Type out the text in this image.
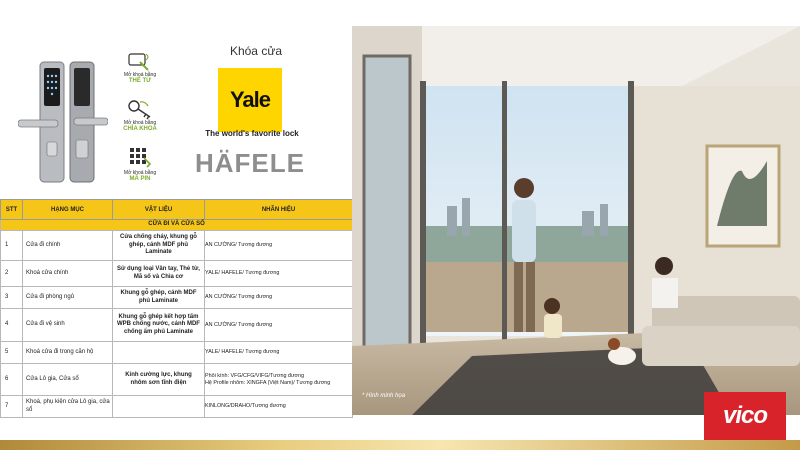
Mở khoá bằng
THẺ TỪ
Mở khoá bằng
CHÌA KHOÁ
Mở khoá bằng
MÃ PIN
Khóa cửa
Yale
The world's favorite lock
HÄFELE
STT	HẠNG MỤC	VẬT LIỆU	NHÃN HIỆU
CỬA ĐI VÀ CỬA SỔ			
1	Cửa đi chính	Cửa chống cháy, khung gỗ ghép, cánh MDF phủ Laminate	AN CƯỜNG/ Tương đương
2	Khoá cửa chính	Sử dụng loại Vân tay, Thẻ từ, Mã số và Chìa cơ	YALE/ HAFELE/ Tương đương
3	Cửa đi phòng ngủ	Khung gỗ ghép, cánh MDF phủ Laminate	AN CƯỜNG/ Tương đương
4	Cửa đi vệ sinh	Khung gỗ ghép kết hợp tấm WPB chống nước, cánh MDF chống ẩm phủ Laminate	AN CƯỜNG/ Tương đương
5	Khoá cửa đi trong căn hộ		YALE/ HAFELE/ Tương đương
6	Cửa Lô gia, Cửa sổ	Kính cường lực, khung nhôm sơn tĩnh điện	Phôi kính: VFG/CFG/VIFG/Tương đương
Hệ Profile nhôm: XINGFA (Việt Nam)/ Tương đương
7	Khoá, phụ kiện cửa Lô gia, cửa sổ		KINLONG/DRAHO/Tương đương
* Hình minh họa
vico
